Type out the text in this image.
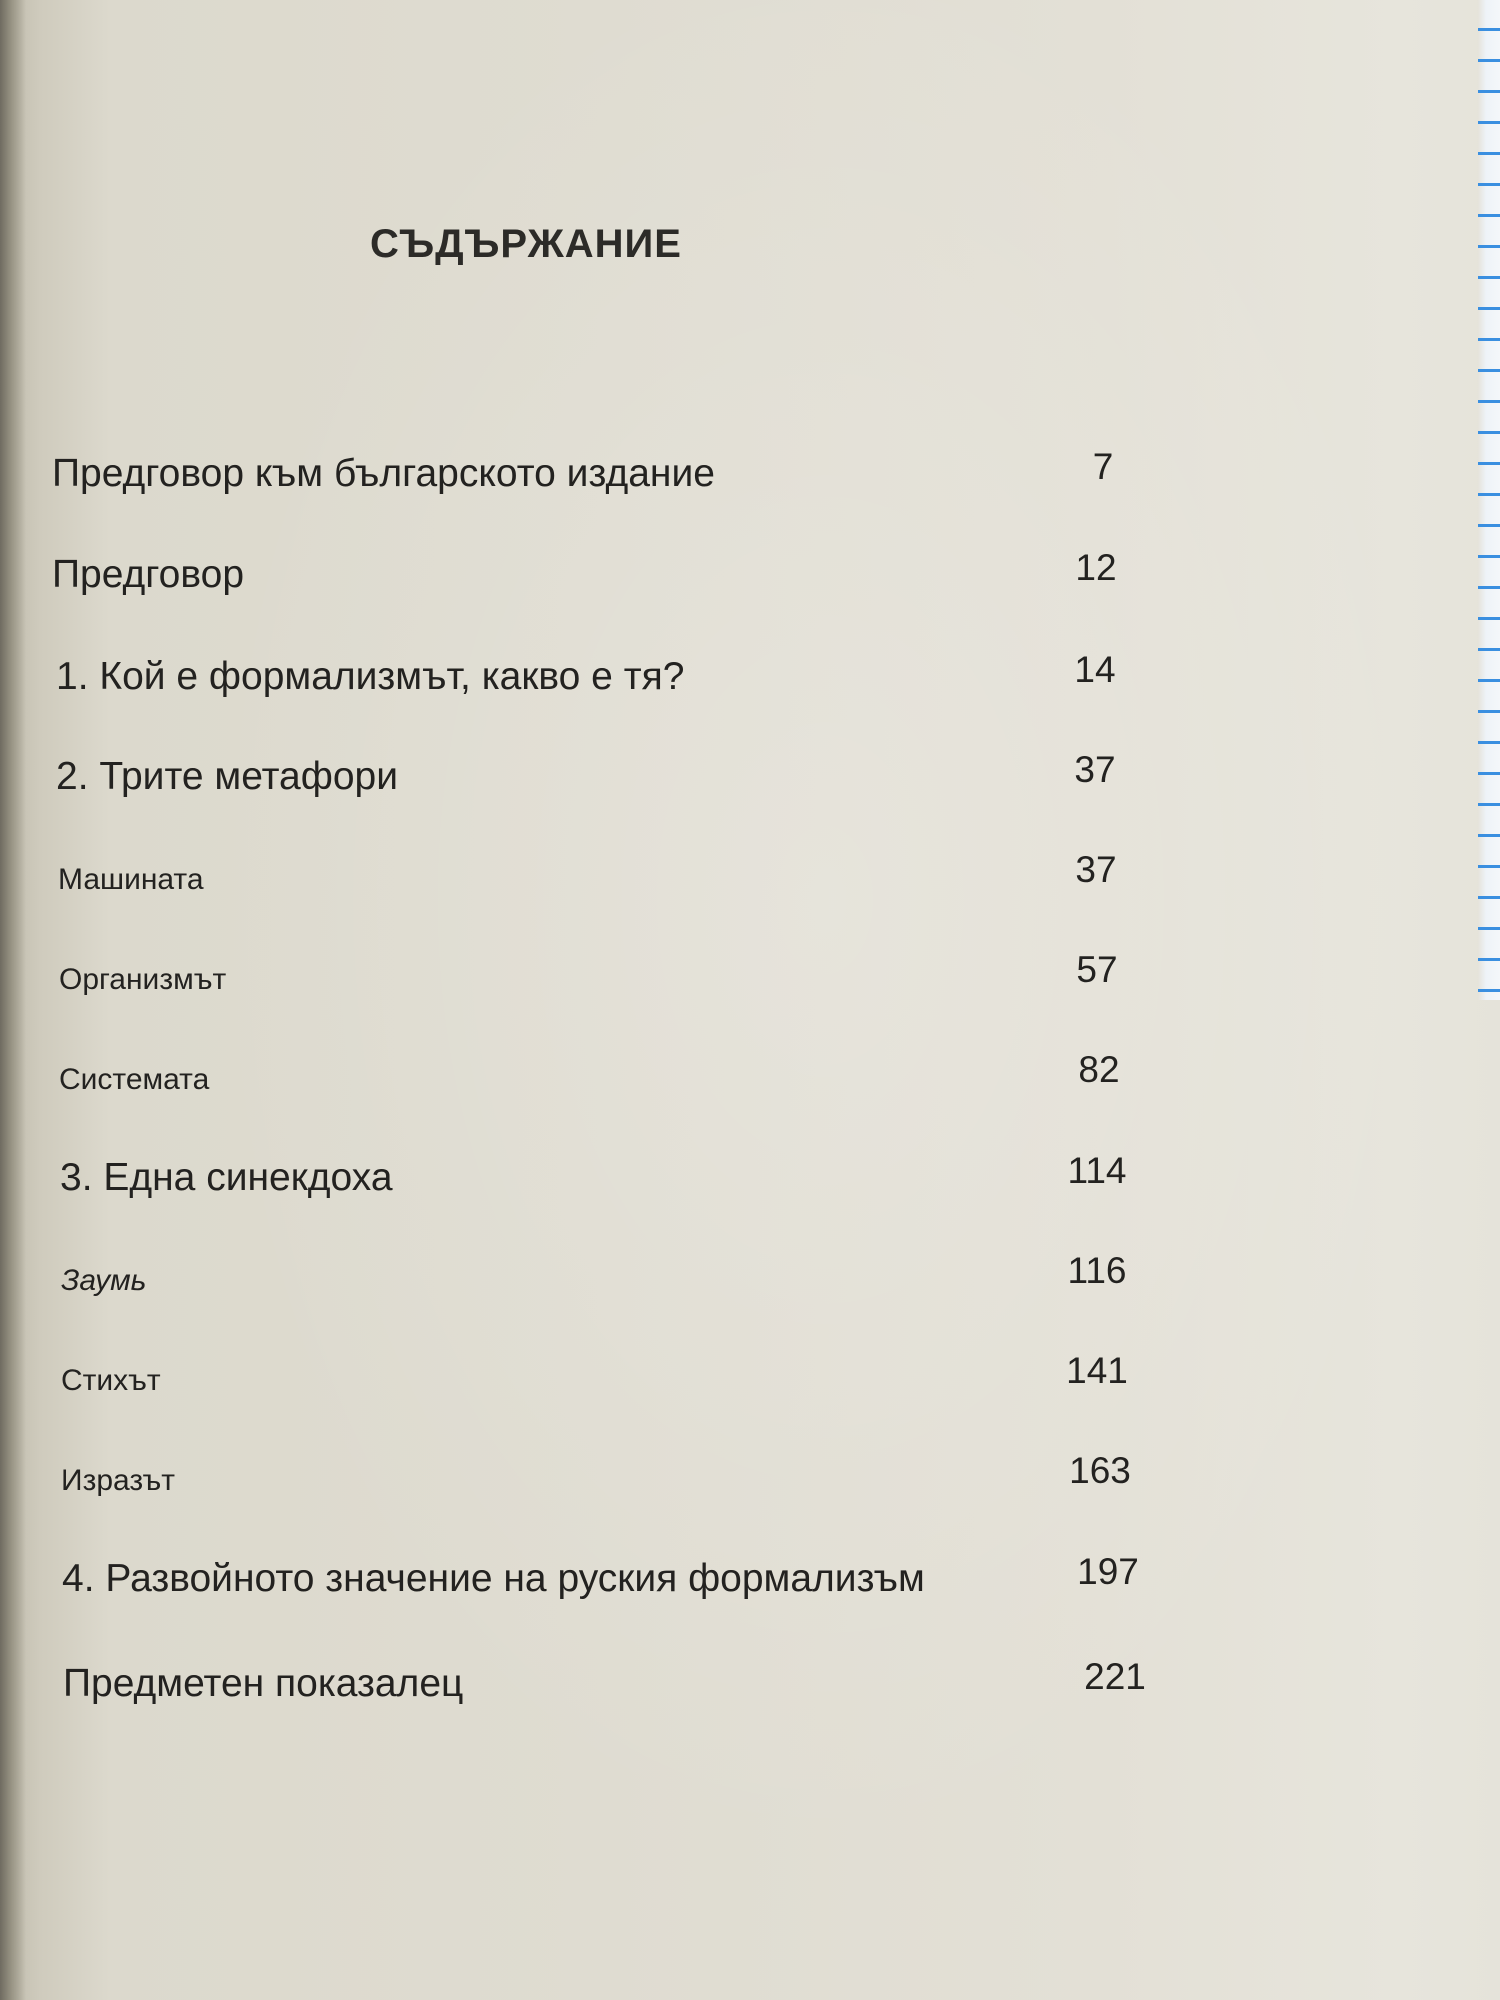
СЪДЪРЖАНИЕ
Предговор към българското издание	7
Предговор	12
1. Кой е формализмът, какво е тя?	14
2. Трите метафори	37
Машината	37
Организмът	57
Системата	82
3. Една синекдоха	114
Заумь	116
Стихът	141
Изразът	163
4. Развойното значение на руския формализъм	197
Предметен показалец	221
